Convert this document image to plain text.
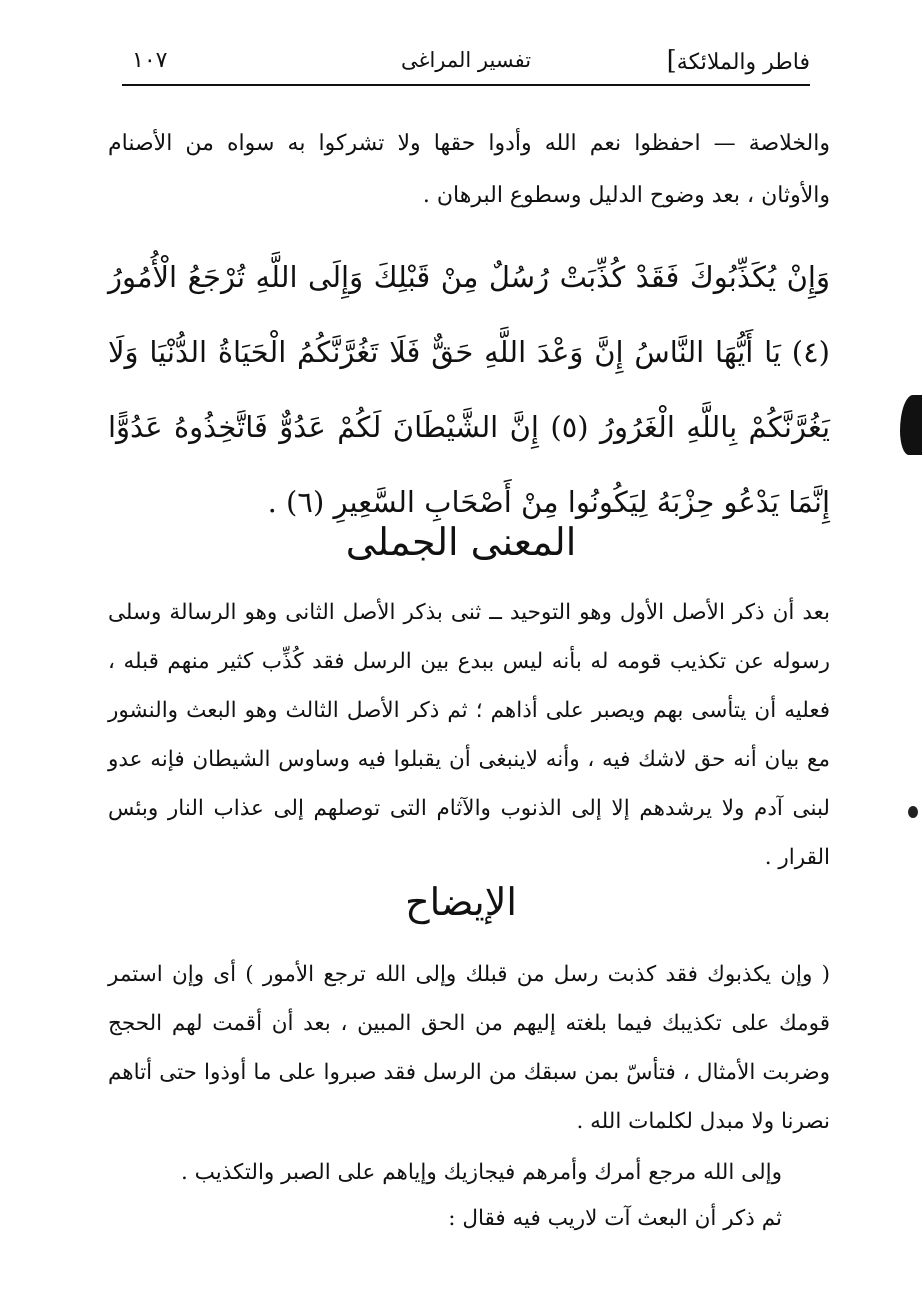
فاطر والملائكة]
تفسير المراغى
١٠٧

والخلاصة — احفظوا نعم الله وأدوا حقها ولا تشركوا به سواه من الأصنام والأوثان ، بعد وضوح الدليل وسطوع البرهان .

وَإِنْ يُكَذِّبُوكَ فَقَدْ كُذِّبَتْ رُسُلٌ مِنْ قَبْلِكَ وَإِلَى اللَّهِ تُرْجَعُ الْأُمُورُ (٤) يَا أَيُّهَا النَّاسُ إِنَّ وَعْدَ اللَّهِ حَقٌّ فَلَا تَغُرَّنَّكُمُ الْحَيَاةُ الدُّنْيَا وَلَا يَغُرَّنَّكُمْ بِاللَّهِ الْغَرُورُ (٥) إِنَّ الشَّيْطَانَ لَكُمْ عَدُوٌّ فَاتَّخِذُوهُ عَدُوًّا إِنَّمَا يَدْعُو حِزْبَهُ لِيَكُونُوا مِنْ أَصْحَابِ السَّعِيرِ (٦) .

المعنى الجملى

بعد أن ذكر الأصل الأول وهو التوحيد ــ ثنى بذكر الأصل الثانى وهو الرسالة وسلى رسوله عن تكذيب قومه له بأنه ليس ببدع بين الرسل فقد كُذِّب كثير منهم قبله ، فعليه أن يتأسى بهم ويصبر على أذاهم ؛ ثم ذكر الأصل الثالث وهو البعث والنشور مع بيان أنه حق لاشك فيه ، وأنه لاينبغى أن يقبلوا فيه وساوس الشيطان فإنه عدو لبنى آدم ولا يرشدهم إلا إلى الذنوب والآثام التى توصلهم إلى عذاب النار وبئس القرار .

الإيضاح

( وإن يكذبوك فقد كذبت رسل من قبلك وإلى الله ترجع الأمور ) أى وإن استمر قومك على تكذيبك فيما بلغته إليهم من الحق المبين ، بعد أن أقمت لهم الحجج وضربت الأمثال ، فتأسّ بمن سبقك من الرسل فقد صبروا على ما أوذوا حتى أتاهم نصرنا ولا مبدل لكلمات الله .

وإلى الله مرجع أمرك وأمرهم فيجازيك وإياهم على الصبر والتكذيب .
ثم ذكر أن البعث آت لاريب فيه فقال :
